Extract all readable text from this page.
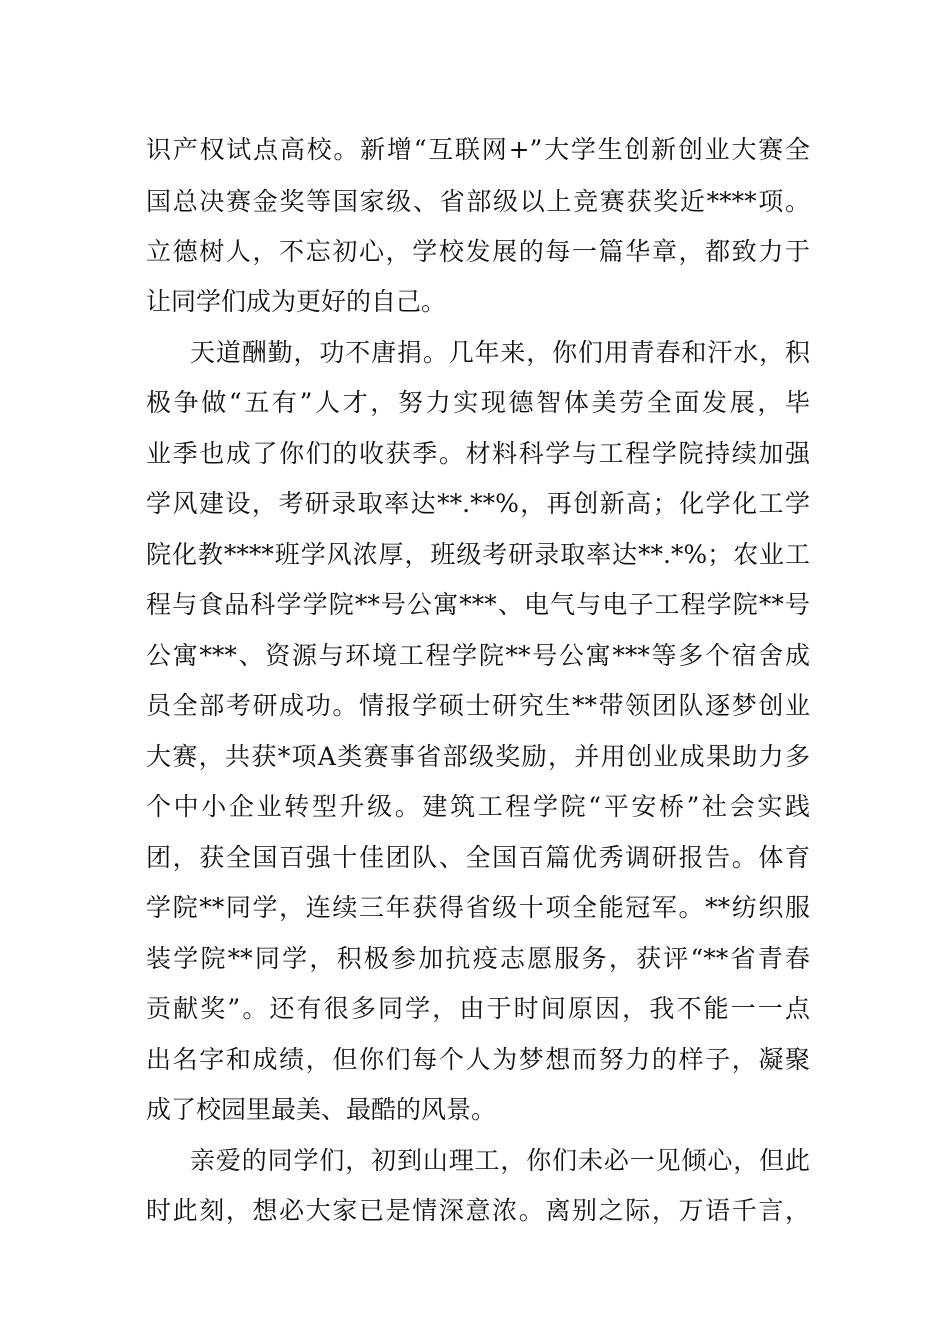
识产权试点高校。新增“互联网+”大学生创新创业大赛全
国总决赛金奖等国家级、省部级以上竞赛获奖近****项。
立德树人，不忘初心，学校发展的每一篇华章，都致力于
让同学们成为更好的自己。
天道酬勤，功不唐捐。几年来，你们用青春和汗水，积
极争做“五有”人才，努力实现德智体美劳全面发展，毕
业季也成了你们的收获季。材料科学与工程学院持续加强
学风建设，考研录取率达**.**%，再创新高；化学化工学
院化教****班学风浓厚，班级考研录取率达**.*%；农业工
程与食品科学学院**号公寓***、电气与电子工程学院**号
公寓***、资源与环境工程学院**号公寓***等多个宿舍成
员全部考研成功。情报学硕士研究生**带领团队逐梦创业
大赛，共获*项A类赛事省部级奖励，并用创业成果助力多
个中小企业转型升级。建筑工程学院“平安桥”社会实践
团，获全国百强十佳团队、全国百篇优秀调研报告。体育
学院**同学，连续三年获得省级十项全能冠军。**纺织服
装学院**同学，积极参加抗疫志愿服务，获评“**省青春
贡献奖”。还有很多同学，由于时间原因，我不能一一点
出名字和成绩，但你们每个人为梦想而努力的样子，凝聚
成了校园里最美、最酷的风景。
亲爱的同学们，初到山理工，你们未必一见倾心，但此
时此刻，想必大家已是情深意浓。离别之际，万语千言，
